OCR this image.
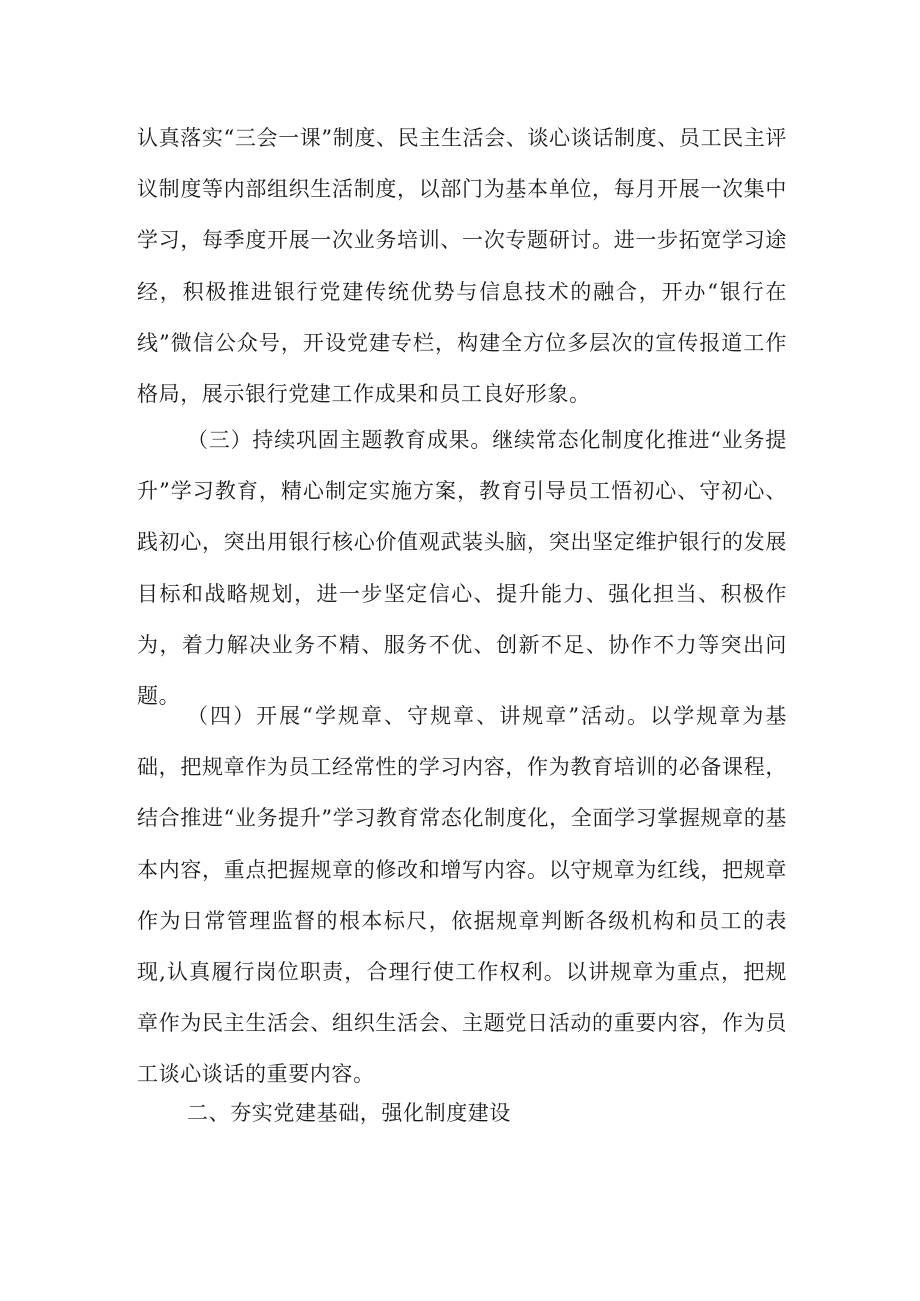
认真落实“三会一课”制度、民主生活会、谈心谈话制度、员工民主评议制度等内部组织生活制度，以部门为基本单位，每月开展一次集中学习，每季度开展一次业务培训、一次专题研讨。进一步拓宽学习途经，积极推进银行党建传统优势与信息技术的融合，开办“银行在线”微信公众号，开设党建专栏，构建全方位多层次的宣传报道工作格局，展示银行党建工作成果和员工良好形象。

（三）持续巩固主题教育成果。继续常态化制度化推进“业务提升”学习教育，精心制定实施方案，教育引导员工悟初心、守初心、践初心，突出用银行核心价值观武装头脑，突出坚定维护银行的发展目标和战略规划，进一步坚定信心、提升能力、强化担当、积极作为，着力解决业务不精、服务不优、创新不足、协作不力等突出问题。

（四）开展“学规章、守规章、讲规章”活动。以学规章为基础，把规章作为员工经常性的学习内容，作为教育培训的必备课程，结合推进“业务提升”学习教育常态化制度化，全面学习掌握规章的基本内容，重点把握规章的修改和增写内容。以守规章为红线，把规章作为日常管理监督的根本标尺，依据规章判断各级机构和员工的表现,认真履行岗位职责，合理行使工作权利。以讲规章为重点，把规章作为民主生活会、组织生活会、主题党日活动的重要内容，作为员工谈心谈话的重要内容。

二、夯实党建基础，强化制度建设
